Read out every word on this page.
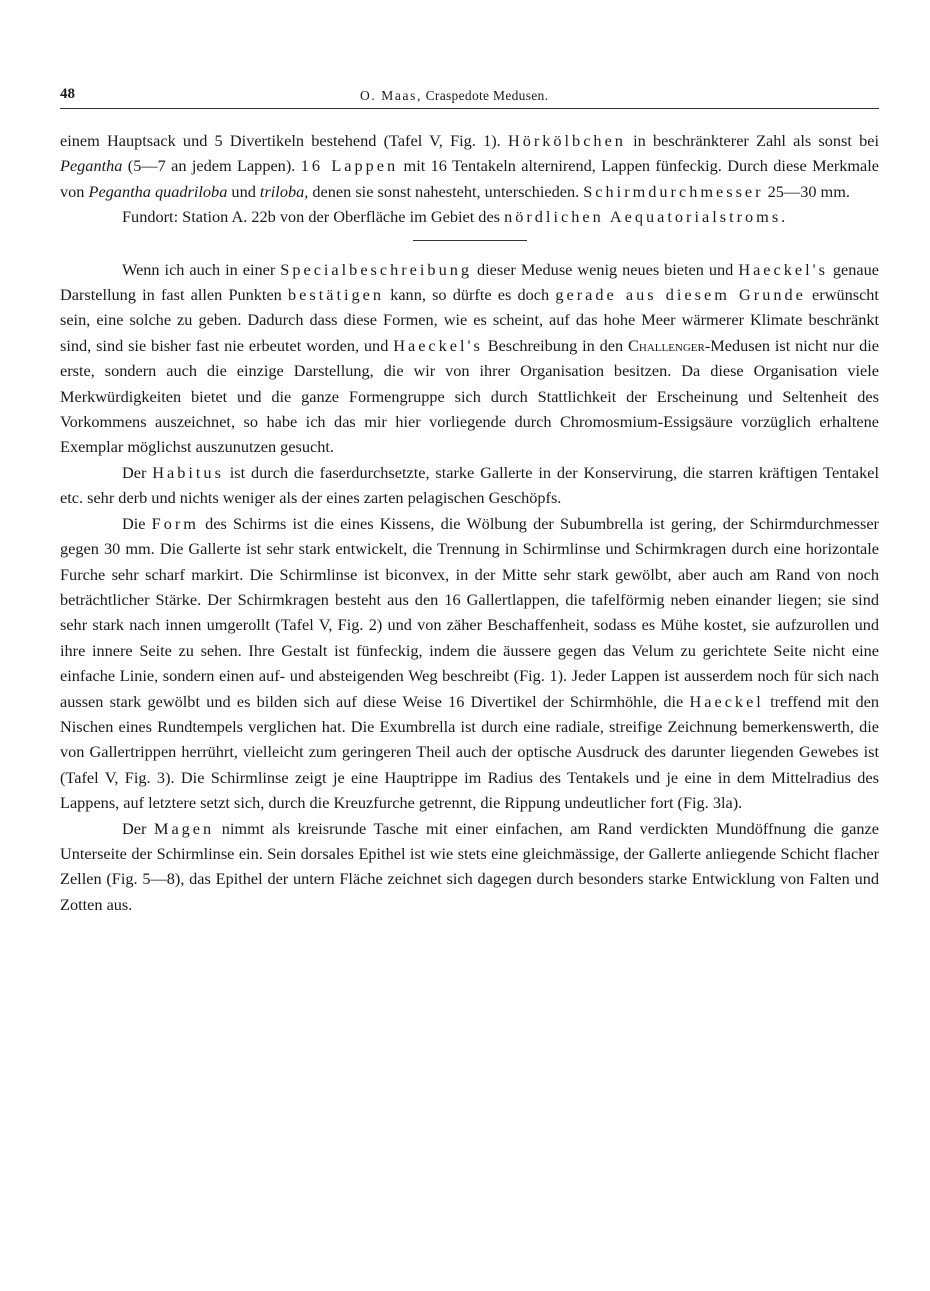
48	O. Maas, Craspedote Medusen.

einem Hauptsack und 5 Divertikeln bestehend (Tafel V, Fig. 1). Hörkölbchen in beschränkterer Zahl als sonst bei Pegantha (5—7 an jedem Lappen). 16 Lappen mit 16 Tentakeln alternirend, Lappen fünfeckig. Durch diese Merkmale von Pegantha quadriloba und triloba, denen sie sonst nahesteht, unterschieden. Schirmdurchmesser 25—30 mm.

Fundort: Station A. 22b von der Oberfläche im Gebiet des nördlichen Aequatorialstroms.

Wenn ich auch in einer Specialbeschreibung dieser Meduse wenig neues bieten und Haeckel's genaue Darstellung in fast allen Punkten bestätigen kann, so dürfte es doch gerade aus diesem Grunde erwünscht sein, eine solche zu geben. Dadurch dass diese Formen, wie es scheint, auf das hohe Meer wärmerer Klimate beschränkt sind, sind sie bisher fast nie erbeutet worden, und Haeckel's Beschreibung in den Challenger-Medusen ist nicht nur die erste, sondern auch die einzige Darstellung, die wir von ihrer Organisation besitzen. Da diese Organisation viele Merkwürdigkeiten bietet und die ganze Formengruppe sich durch Stattlichkeit der Erscheinung und Seltenheit des Vorkommens auszeichnet, so habe ich das mir hier vorliegende durch Chromosmium-Essigsäure vorzüglich erhaltene Exemplar möglichst auszunutzen gesucht.

Der Habitus ist durch die faserdurchsetzte, starke Gallerte in der Konservirung, die starren kräftigen Tentakel etc. sehr derb und nichts weniger als der eines zarten pelagischen Geschöpfs.

Die Form des Schirms ist die eines Kissens, die Wölbung der Subumbrella ist gering, der Schirmdurchmesser gegen 30 mm. Die Gallerte ist sehr stark entwickelt, die Trennung in Schirmlinse und Schirmkragen durch eine horizontale Furche sehr scharf markirt. Die Schirmlinse ist biconvex, in der Mitte sehr stark gewölbt, aber auch am Rand von noch beträchtlicher Stärke. Der Schirmkragen besteht aus den 16 Gallertlappen, die tafelförmig neben einander liegen; sie sind sehr stark nach innen umgerollt (Tafel V, Fig. 2) und von zäher Beschaffenheit, sodass es Mühe kostet, sie aufzurollen und ihre innere Seite zu sehen. Ihre Gestalt ist fünfeckig, indem die äussere gegen das Velum zu gerichtete Seite nicht eine einfache Linie, sondern einen auf- und absteigenden Weg beschreibt (Fig. 1). Jeder Lappen ist ausserdem noch für sich nach aussen stark gewölbt und es bilden sich auf diese Weise 16 Divertikel der Schirmhöhle, die Haeckel treffend mit den Nischen eines Rundtempels verglichen hat. Die Exumbrella ist durch eine radiale, streifige Zeichnung bemerkenswerth, die von Gallertrippen herrührt, vielleicht zum geringeren Theil auch der optische Ausdruck des darunter liegenden Gewebes ist (Tafel V, Fig. 3). Die Schirmlinse zeigt je eine Hauptrippe im Radius des Tentakels und je eine in dem Mittelradius des Lappens, auf letztere setzt sich, durch die Kreuzfurche getrennt, die Rippung undeutlicher fort (Fig. 3la).

Der Magen nimmt als kreisrunde Tasche mit einer einfachen, am Rand verdickten Mundöffnung die ganze Unterseite der Schirmlinse ein. Sein dorsales Epithel ist wie stets eine gleichmässige, der Gallerte anliegende Schicht flacher Zellen (Fig. 5—8), das Epithel der untern Fläche zeichnet sich dagegen durch besonders starke Entwicklung von Falten und Zotten aus.
